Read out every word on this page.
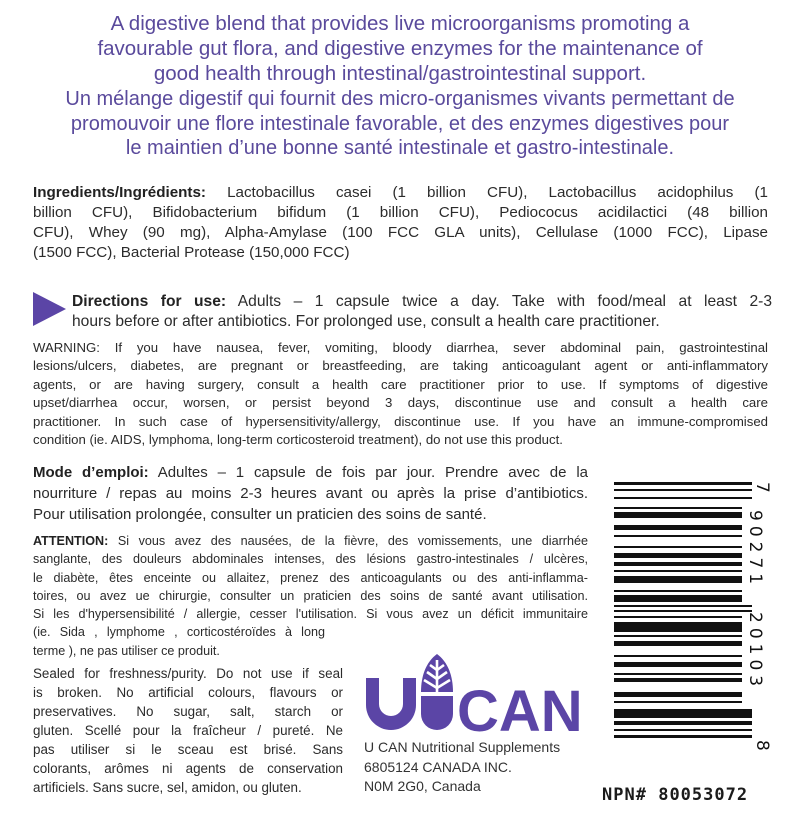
A digestive blend that provides live microorganisms promoting a
favourable gut flora, and digestive enzymes for the maintenance of
good health through intestinal/gastrointestinal support.
Un mélange digestif qui fournit des micro-organismes vivants permettant de
promouvoir une flore intestinale favorable, et des enzymes digestives pour
le maintien d’une bonne santé intestinale et gastro-intestinale.
Ingredients/Ingrédients: Lactobacillus casei (1 billion CFU), Lactobacillus acidophilus (1
billion CFU), Bifidobacterium bifidum (1 billion CFU), Pediococus acidilactici (48 billion
CFU), Whey (90 mg), Alpha-Amylase (100 FCC GLA units), Cellulase (1000 FCC), Lipase
(1500 FCC), Bacterial Protease (150,000 FCC)
Directions for use: Adults – 1 capsule twice a day. Take with food/meal at least 2-3
hours before or after antibiotics. For prolonged use, consult a health care practitioner.
WARNING: If you have nausea, fever, vomiting, bloody diarrhea, sever abdominal pain, gastrointestinal
lesions/ulcers, diabetes, are pregnant or breastfeeding, are taking anticoagulant agent or anti-inflammatory
agents, or are having surgery, consult a health care practitioner prior to use. If symptoms of digestive
upset/diarrhea occur, worsen, or persist beyond 3 days, discontinue use and consult a health care
practitioner. In such case of hypersensitivity/allergy, discontinue use. If you have an immune-compromised
condition (ie. AIDS, lymphoma, long-term corticosteroid treatment), do not use this product.
Mode d’emploi: Adultes – 1 capsule de fois par jour. Prendre avec de la
nourriture / repas au moins 2-3 heures avant ou après la prise d’antibiotics.
Pour utilisation prolongée, consulter un praticien des soins de santé.
ATTENTION: Si vous avez des nausées, de la fièvre, des vomissements, une diarrhée
sanglante, des douleurs abdominales intenses, des lésions gastro-intestinales / ulcères,
le diabète, êtes enceinte ou allaitez, prenez des anticoagulants ou des anti-inflamma-
toires, ou avez ue chirurgie, consulter un praticien des soins de santé avant utilisation.
Si les d'hypersensibilité / allergie, cesser l'utilisation. Si vous avez un déficit immunitaire
(ie. Sida , lymphome , corticostéroïdes à long
terme ), ne pas utiliser ce produit.
Sealed for freshness/purity. Do not use if seal
is broken. No artificial colours, flavours or
preservatives. No sugar, salt, starch or
gluten. Scellé pour la fraîcheur / pureté. Ne
pas utiliser si le sceau est brisé. Sans
colorants, arômes ni agents de conservation
artificiels. Sans sucre, sel, amidon, ou gluten.
CAN
U CAN Nutritional Supplements
6805124 CANADA INC.
N0M 2G0, Canada
7
90271
20103
8
NPN# 80053072
